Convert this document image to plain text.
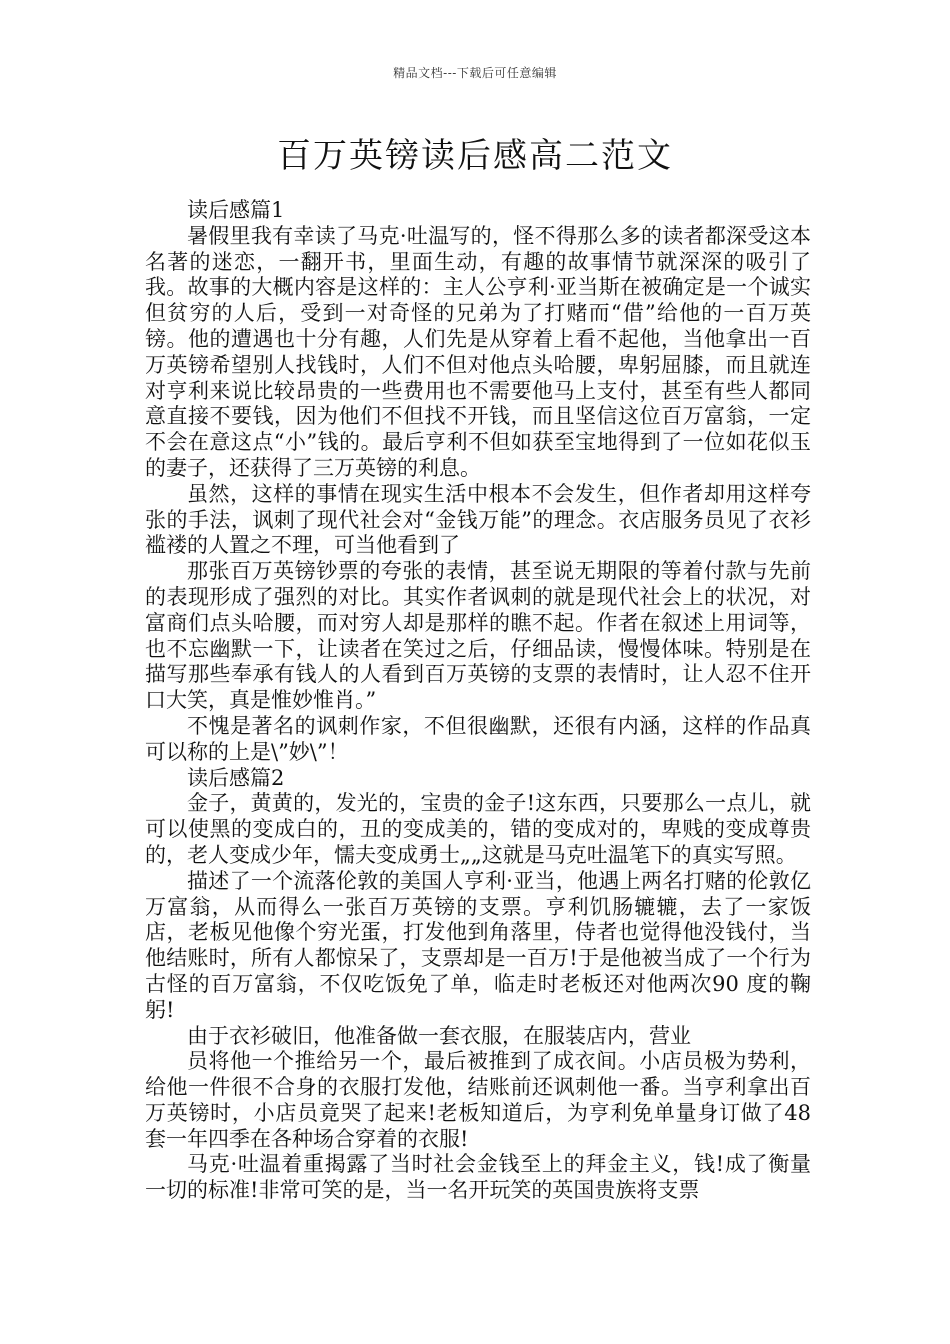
精品文档---下载后可任意编辑
百万英镑读后感高二范文

读后感篇1

暑假里我有幸读了马克·吐温写的，怪不得那么多的读者都深受这本名著的迷恋，一翻开书，里面生动，有趣的故事情节就深深的吸引了我。故事的大概内容是这样的：主人公亨利·亚当斯在被确定是一个诚实但贫穷的人后，受到一对奇怪的兄弟为了打赌而“借”给他的一百万英镑。他的遭遇也十分有趣，人们先是从穿着上看不起他，当他拿出一百万英镑希望别人找钱时，人们不但对他点头哈腰，卑躬屈膝，而且就连对亨利来说比较昂贵的一些费用也不需要他马上支付，甚至有些人都同意直接不要钱，因为他们不但找不开钱，而且坚信这位百万富翁，一定不会在意这点“小”钱的。最后亨利不但如获至宝地得到了一位如花似玉的妻子，还获得了三万英镑的利息。

虽然，这样的事情在现实生活中根本不会发生，但作者却用这样夸张的手法，讽刺了现代社会对“金钱万能”的理念。衣店服务员见了衣衫褴褛的人置之不理，可当他看到了

那张百万英镑钞票的夸张的表情，甚至说无期限的等着付款与先前的表现形成了强烈的对比。其实作者讽刺的就是现代社会上的状况，对富商们点头哈腰，而对穷人却是那样的瞧不起。作者在叙述上用词等，也不忘幽默一下，让读者在笑过之后，仔细品读，慢慢体味。特别是在描写那些奉承有钱人的人看到百万英镑的支票的表情时，让人忍不住开口大笑，真是惟妙惟肖。”

不愧是著名的讽刺作家，不但很幽默，还很有内涵，这样的作品真可以称的上是\”妙\”！

读后感篇2

金子，黄黄的，发光的，宝贵的金子!这东西，只要那么一点儿，就可以使黑的变成白的，丑的变成美的，错的变成对的，卑贱的变成尊贵的，老人变成少年，懦夫变成勇士„„这就是马克吐温笔下的真实写照。

描述了一个流落伦敦的美国人亨利·亚当，他遇上两名打赌的伦敦亿万富翁，从而得么一张百万英镑的支票。亨利饥肠辘辘，去了一家饭店，老板见他像个穷光蛋，打发他到角落里，侍者也觉得他没钱付，当他结账时，所有人都惊呆了，支票却是一百万!于是他被当成了一个行为古怪的百万富翁，不仅吃饭免了单，临走时老板还对他两次90 度的鞠躬!

由于衣衫破旧，他准备做一套衣服，在服装店内，营业

员将他一个推给另一个，最后被推到了成衣间。小店员极为势利，给他一件很不合身的衣服打发他，结账前还讽刺他一番。当亨利拿出百万英镑时，小店员竟哭了起来!老板知道后，为亨利免单量身订做了48 套一年四季在各种场合穿着的衣服!

马克·吐温着重揭露了当时社会金钱至上的拜金主义，钱!成了衡量一切的标准!非常可笑的是，当一名开玩笑的英国贵族将支票
